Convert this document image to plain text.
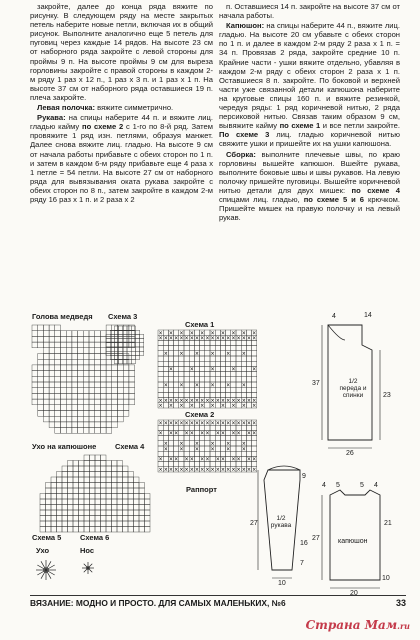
закройте, далее до конца ряда вяжите по рисунку. В следующем ряду на месте закрытых петель наберите новые петли, включая их в общий рисунок. Выполните аналогично еще 5 петель для пуговиц через каждые 14 рядов. На высоте 23 см от наборного ряда закройте с левой стороны для проймы 9 п. На высоте проймы 9 см для выреза горловины закройте с правой стороны в каждом 2-м ряду 1 раз х 12 п., 1 раз х 3 п. и 1 раз х 1 п. На высоте 37 см от наборного ряда оставшиеся 19 п. плеча закройте.

Левая полочка: вяжите симметрично.

Рукава: на спицы наберите 44 п. и вяжите лиц. гладью кайму по схеме 2 с 1-го по 8-й ряд. Затем провяжите 1 ряд изн. петлями, образуя манжет. Далее снова вяжите лиц. гладью. На высоте 9 см от начала работы прибавьте с обеих сторон по 1 п. и затем в каждом 6-м ряду прибавьте еще 4 раза х 1 петле = 54 петли. На высоте 27 см от наборного ряда для вывязывания оката рукава закройте с обеих сторон по 8 п., затем закройте в каждом 2-м ряду 16 раз х 1 п. и 2 раза х 2

п. Оставшиеся 14 п. закройте на высоте 37 см от начала работы.

Капюшон: на спицы наберите 44 п., вяжите лиц. гладью. На высоте 20 см убавьте с обеих сторон по 1 п. и далее в каждом 2-м ряду 2 раза х 1 п. = 34 п. Провязав 2 ряда, закройте средние 10 п. Крайние части - ушки вяжите отдельно, убавляя в каждом 2-м ряду с обеих сторон 2 раза х 1 п. Оставшиеся 8 п. закройте. По боковой и верхней части уже связанной детали капюшона наберите на круговые спицы 160 п. и вяжите резинкой, чередуя ряды: 1 ряд коричневой нитью, 2 ряда персиковой нитью. Связав таким образом 9 см, вывяжите кайму по схеме 1 и все петли закройте. По схеме 3 лиц. гладью коричневой нитью свяжите ушки и пришейте их на ушки капюшона.

Сборка: выполните плечевые швы, по краю горловины вышейте капюшон. Вшейте рукава, выполните боковые швы и швы рукавов. На левую полочку пришейте пуговицы. Вышейте коричневой нитью детали для двух мишек: по схеме 4 спицами лиц. гладью, по схеме 5 и 6 крючком. Пришейте мишек на правую полочку и на левый рукав.

Голова медведя Схема 3
Схема 1
Схема 2
Ухо на капюшоне Схема 4
Раппорт
Схема 5 Схема 6
Ухо	Нос
× × × × × × × × × ×
× × × × × × × × × × × × × × × × × × ×
× × × × × ×
×	×	×	×	×
× × × × × ×
× × × × × × × × × × × × × × × × × × ×
× × × × × × × × × ×
× × × × × × × × × × × × × × × × × × ×
× × × × × × × × × × × × ×
× × × × × ×
× × × × × ×
× × × × × × × × × × × × ×
× × × × × × × × × × × × × × × × × × ×
1/2 переда и спинки
1/2 рукава
капюшон
4
37
23
14
26
27
9
10
4 5	5 4
21
27
20
16
7
10
ВЯЗАНИЕ: МОДНО И ПРОСТО. ДЛЯ САМЫХ МАЛЕНЬКИХ, №6	33
Страна Мам.ru
